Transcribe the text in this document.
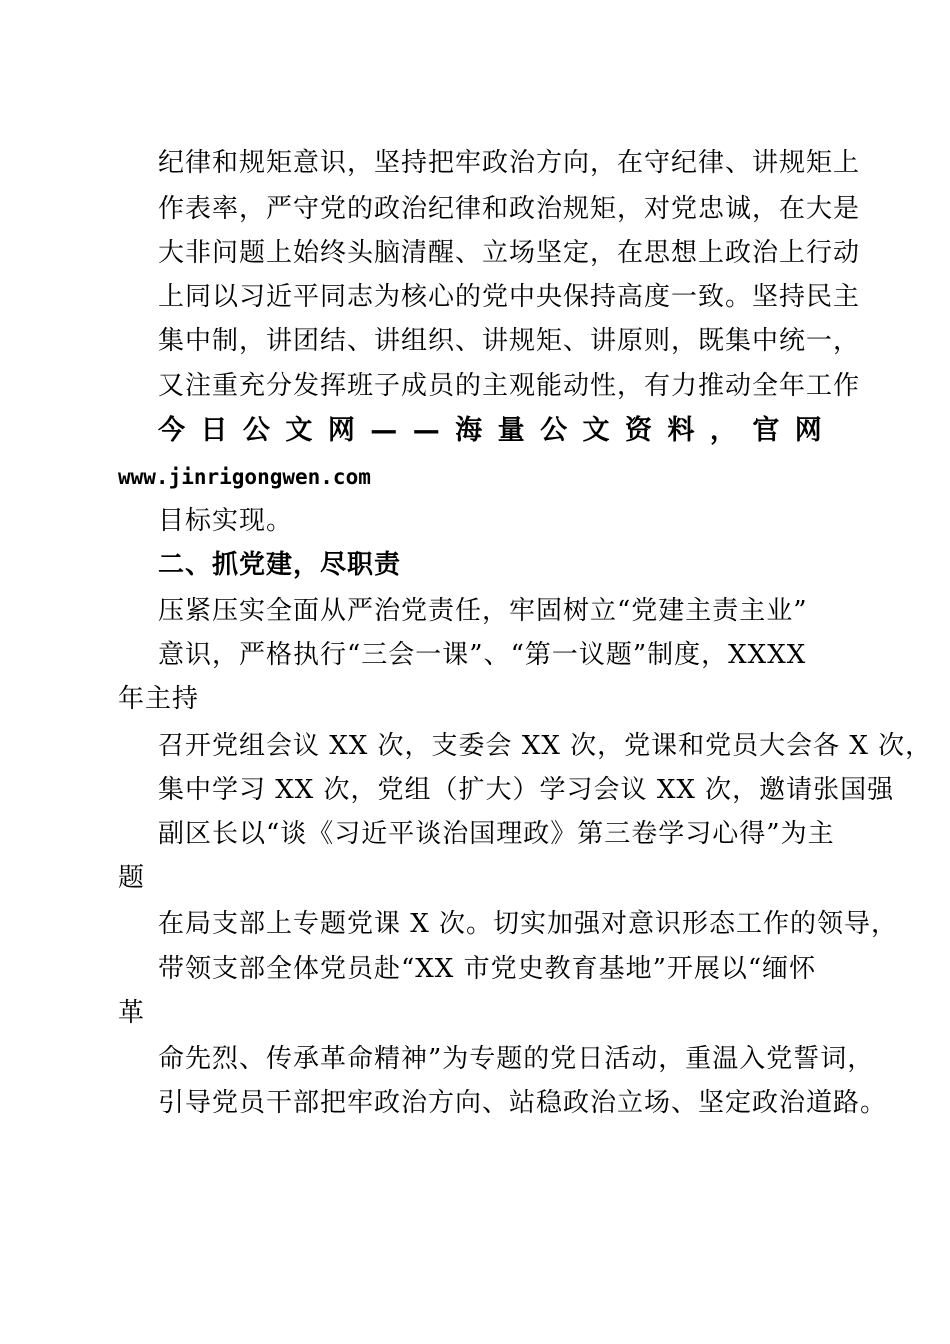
纪律和规矩意识，坚持把牢政治方向，在守纪律、讲规矩上
作表率，严守党的政治纪律和政治规矩，对党忠诚，在大是
大非问题上始终头脑清醒、立场坚定，在思想上政治上行动
上同以习近平同志为核心的党中央保持高度一致。坚持民主
集中制，讲团结、讲组织、讲规矩、讲原则，既集中统一，
又注重充分发挥班子成员的主观能动性，有力推动全年工作
今 日 公 文 网 — — 海 量 公 文 资 料 ， 官 网
www.jinrigongwen.com
目标实现。
二、抓党建，尽职责
压紧压实全面从严治党责任，牢固树立“党建主责主业”
意识，严格执行“三会一课”、“第一议题”制度，XXXX
年主持
召开党组会议 XX 次，支委会 XX 次，党课和党员大会各 X 次，
集中学习 XX 次，党组（扩大）学习会议 XX 次，邀请张国强
副区长以“谈《习近平谈治国理政》第三卷学习心得”为主
题
在局支部上专题党课 X 次。切实加强对意识形态工作的领导，
带领支部全体党员赴“XX 市党史教育基地”开展以“缅怀
革
命先烈、传承革命精神”为专题的党日活动，重温入党誓词，
引导党员干部把牢政治方向、站稳政治立场、坚定政治道路。
